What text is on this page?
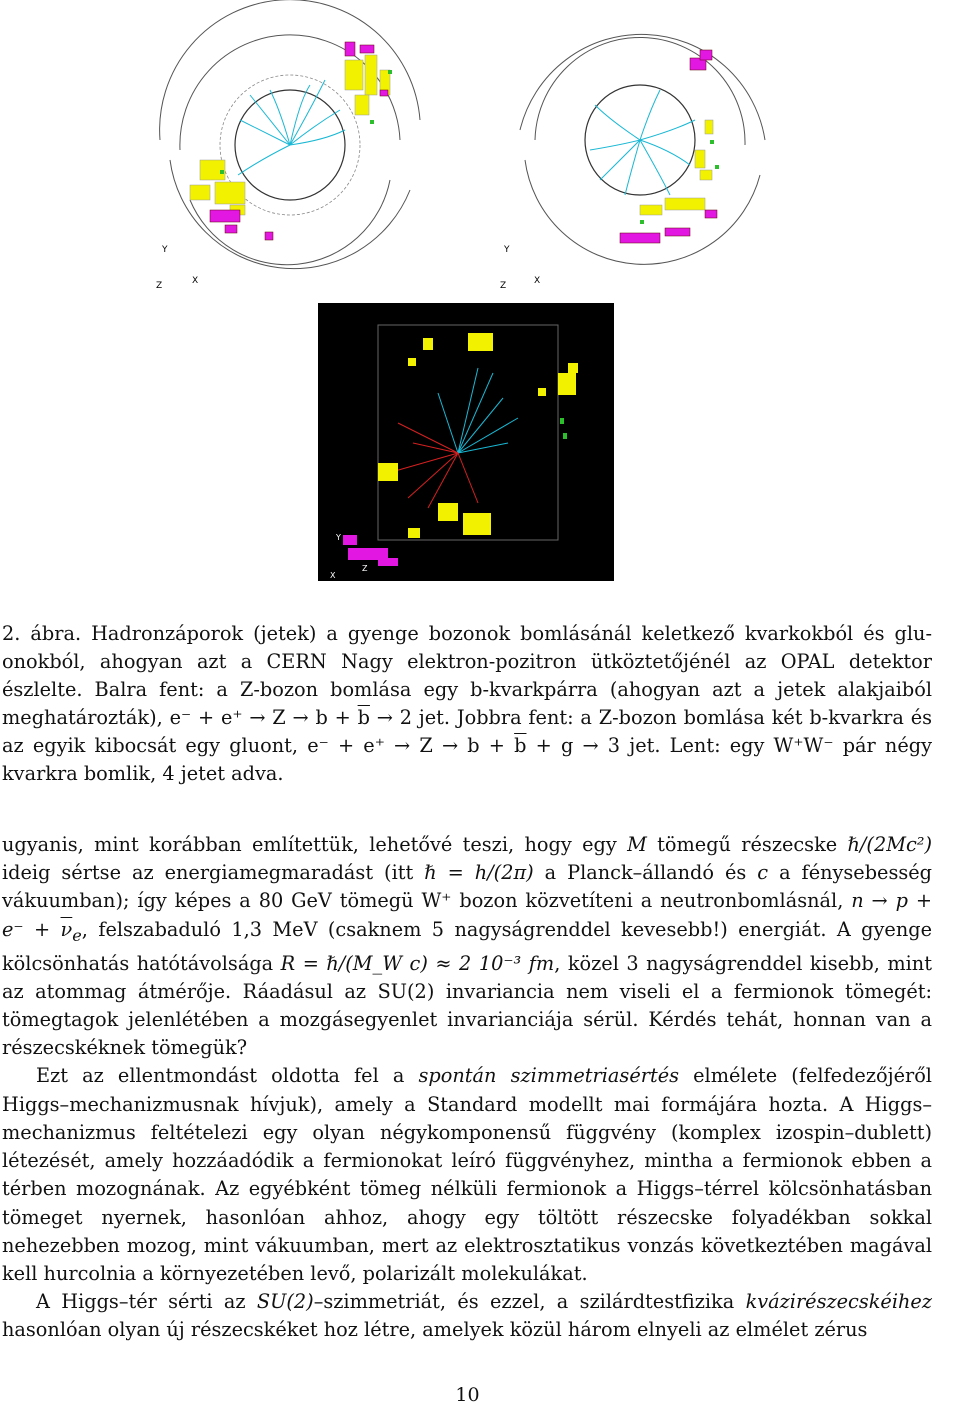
Y
Z	X
Y
Z	X
Y
X
Z
2. ábra. Hadronzáporok (jetek) a gyenge bozonok bomlásánál keletkező kvarkokból és gluonokból, ahogyan azt a CERN Nagy elektron-pozitron ütköztetőjénél az OPAL detektor észlelte. Balra fent: a Z-bozon bomlása egy b-kvarkpárra (ahogyan azt a jetek alakjaiból meghatározták), $e^- + e^+ \to Z \to b + \overline{b} \to 2$ jet. Jobbra fent: a Z-bozon bomlása két b-kvarkra és az egyik kibocsát egy gluont, $e^- + e^+ \to Z \to b + \overline{b} + g \to 3$ jet. Lent: egy W⁺W⁻ pár négy kvarkra bomlik, 4 jetet adva.

ugyanis, mint korábban említettük, lehetővé teszi, hogy egy M tömegű részecske ℏ/(2Mc²) ideig sértse az energiamegmaradást (itt ℏ = h/(2π) a Planck–állandó és c a fénysebesség vákuumban); így képes a 80 GeV tömegü W⁺ bozon közvetíteni a neutronbomlásnál, $n \to p + e^- + \overline{\nu}_e$, felszabaduló 1,3 MeV (csaknem 5 nagyságrenddel kevesebb!) energiát. A gyenge kölcsönhatás hatótávolsága R = ℏ/(M_W c) ≈ 2 10⁻³ fm, közel 3 nagyságrenddel kisebb, mint az atommag átmérője. Ráadásul az SU(2) invariancia nem viseli el a fermionok tömegét: tömegtagok jelenlétében a mozgásegyenlet invarianciája sérül. Kérdés tehát, honnan van a részecskéknek tömegük?

Ezt az ellentmondást oldotta fel a spontán szimmetriasértés elmélete (felfedezőjéről Higgs–mechanizmusnak hívjuk), amely a Standard modellt mai formájára hozta. A Higgs–mechanizmus feltételezi egy olyan négykomponensű függvény (komplex izospin–dublett) létezését, amely hozzáadódik a fermionokat leíró függvényhez, mintha a fermionok ebben a térben mozognának. Az egyébként tömeg nélküli fermionok a Higgs–térrel kölcsönhatásban tömeget nyernek, hasonlóan ahhoz, ahogy egy töltött részecske folyadékban sokkal nehezebben mozog, mint vákuumban, mert az elektrosztatikus vonzás következtében magával kell hurcolnia a környezetében levő, polarizált molekulákat.

A Higgs–tér sérti az SU(2)–szimmetriát, és ezzel, a szilárdtestfizika kvázirészecskéihez hasonlóan olyan új részecskéket hoz létre, amelyek közül három elnyeli az elmélet zérus

10
